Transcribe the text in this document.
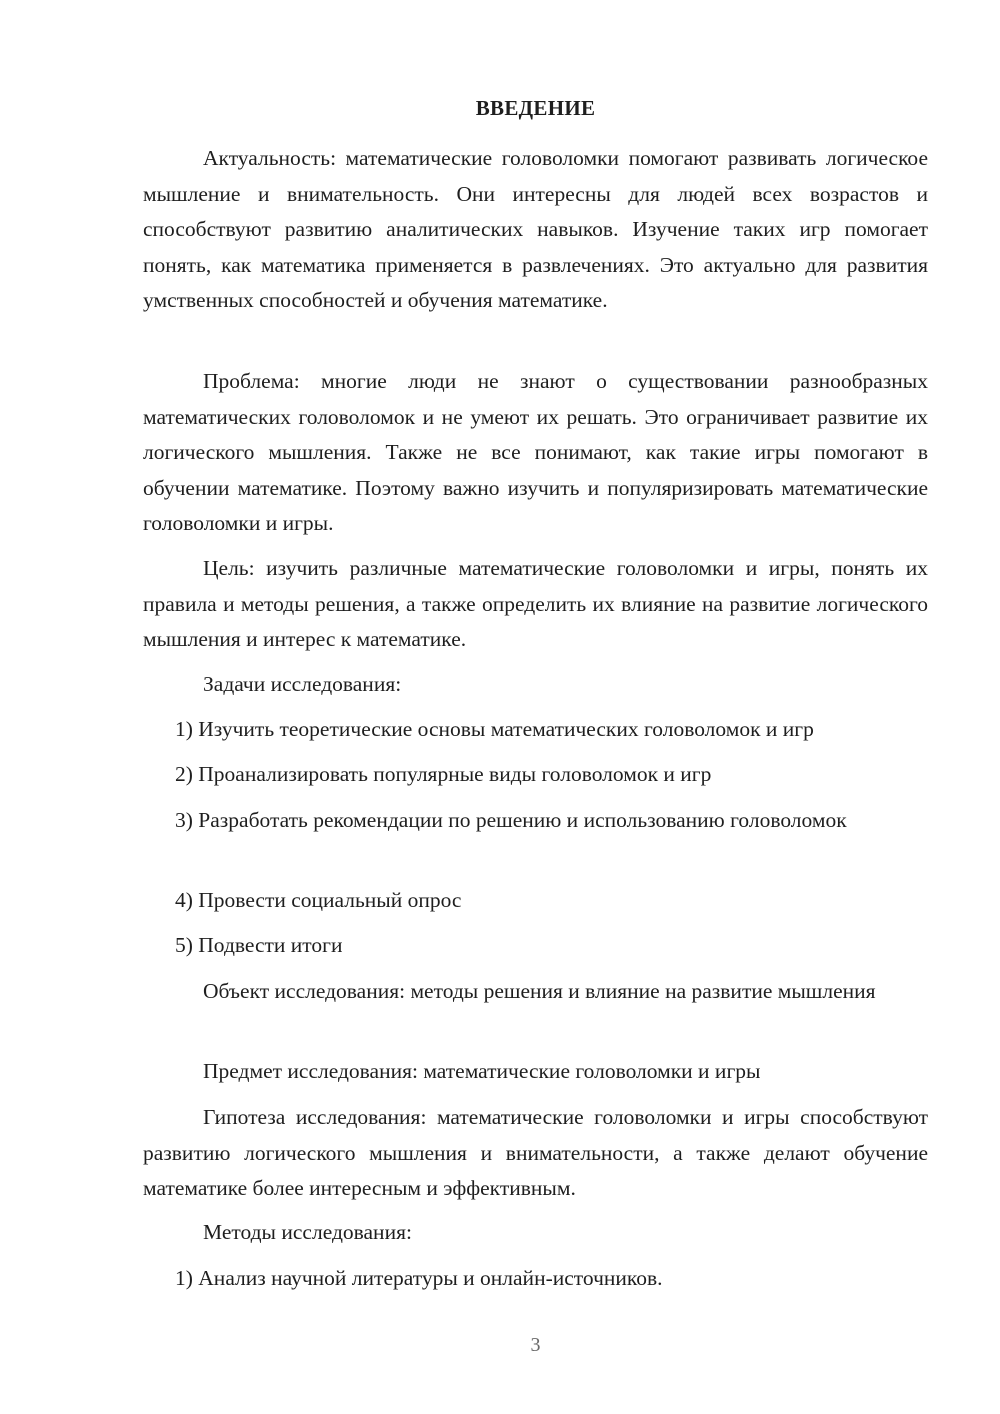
ВВЕДЕНИЕ

Актуальность: математические головоломки помогают развивать логическое мышление и внимательность. Они интересны для людей всех возрастов и способствуют развитию аналитических навыков. Изучение таких игр помогает понять, как математика применяется в развлечениях. Это актуально для развития умственных способностей и обучения математике.

Проблема: многие люди не знают о существовании разнообразных математических головоломок и не умеют их решать. Это ограничивает развитие их логического мышления. Также не все понимают, как такие игры помогают в обучении математике. Поэтому важно изучить и популяризировать математические головоломки и игры.

Цель: изучить различные математические головоломки и игры, понять их правила и методы решения, а также определить их влияние на развитие логического мышления и интерес к математике.

Задачи исследования:

1) Изучить теоретические основы математических головоломок и игр

2) Проанализировать популярные виды головоломок и игр

3) Разработать рекомендации по решению и использованию головоломок

4) Провести социальный опрос

5) Подвести итоги

Объект исследования: методы решения и влияние на развитие мышления

Предмет исследования: математические головоломки и игры

Гипотеза исследования: математические головоломки и игры способствуют развитию логического мышления и внимательности, а также делают обучение математике более интересным и эффективным.

Методы исследования:

1) Анализ научной литературы и онлайн-источников.

3
